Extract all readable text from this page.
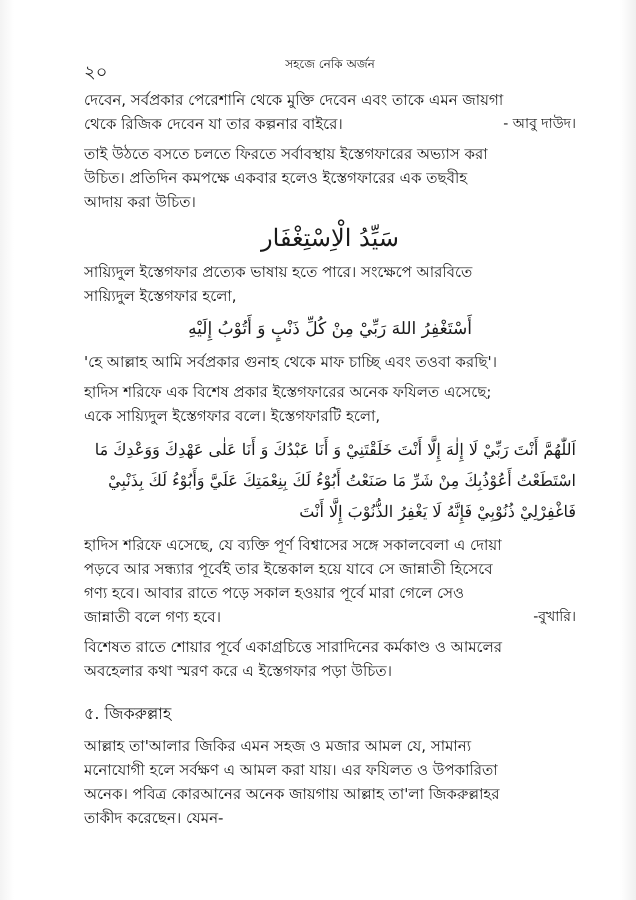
২০	সহজে নেকি অর্জন
দেবেন, সর্বপ্রকার পেরেশানি থেকে মুক্তি দেবেন এবং তাকে এমন জায়গা
থেকে রিজিক দেবেন যা তার কল্পনার বাইরে।	- আবু দাউদ।
তাই উঠতে বসতে চলতে ফিরতে সর্বাবস্থায় ইস্তেগফারের অভ্যাস করা
উচিত। প্রতিদিন কমপক্ষে একবার হলেও ইস্তেগফারের এক তছবীহ
আদায় করা উচিত।
سَيِّدُ الْاِسْتِغْفَار
সায়্যিদুল ইস্তেগফার প্রত্যেক ভাষায় হতে পারে। সংক্ষেপে আরবিতে
সায়্যিদুল ইস্তেগফার হলো,
أَسْتَغْفِرُ اللهَ رَبِّيْ مِنْ كُلِّ ذَنْبٍ وَ أَتُوْبُ إِلَيْهِ
'হে আল্লাহ আমি সর্বপ্রকার গুনাহ থেকে মাফ চাচ্ছি এবং তওবা করছি'।
হাদিস শরিফে এক বিশেষ প্রকার ইস্তেগফারের অনেক ফযিলত এসেছে;
একে সায়্যিদুল ইস্তেগফার বলে। ইস্তেগফারটি হলো,
اَللّٰهُمَّ أَنْتَ رَبِّيْ لَا إِلٰهَ إِلَّا أَنْتَ خَلَقْتَنِيْ وَ أَنَا عَبْدُكَ وَ أَنَا عَلٰى عَهْدِكَ وَوَعْدِكَ مَا
اسْتَطَعْتُ أَعُوْذُبِكَ مِنْ شَرِّ مَا صَنَعْتُ أَبُوْءُ لَكَ بِنِعْمَتِكَ عَلَيَّ وَأَبُوْءُ لَكَ بِذَنْبِيْ
فَاغْفِرْلِيْ ذُنُوْبِيْ فَإِنَّهُ لَا يَغْفِرُ الذُّنُوْبَ إِلَّا أَنْتَ
হাদিস শরিফে এসেছে, যে ব্যক্তি পূর্ণ বিশ্বাসের সঙ্গে সকালবেলা এ দোয়া
পড়বে আর সন্ধ্যার পূর্বেই তার ইন্তেকাল হয়ে যাবে সে জান্নাতী হিসেবে
গণ্য হবে। আবার রাতে পড়ে সকাল হওয়ার পূর্বে মারা গেলে সেও
জান্নাতী বলে গণ্য হবে।	-বুখারি।
বিশেষত রাতে শোয়ার পূর্বে একাগ্রচিত্তে সারাদিনের কর্মকাণ্ড ও আমলের
অবহেলার কথা স্মরণ করে এ ইস্তেগফার পড়া উচিত।
৫. জিকরুল্লাহ
আল্লাহ তা'আলার জিকির এমন সহজ ও মজার আমল যে, সামান্য
মনোযোগী হলে সর্বক্ষণ এ আমল করা যায়। এর ফযিলত ও উপকারিতা
অনেক। পবিত্র কোরআনের অনেক জায়গায় আল্লাহ তা'লা জিকরুল্লাহর
তাকীদ করেছেন। যেমন-
